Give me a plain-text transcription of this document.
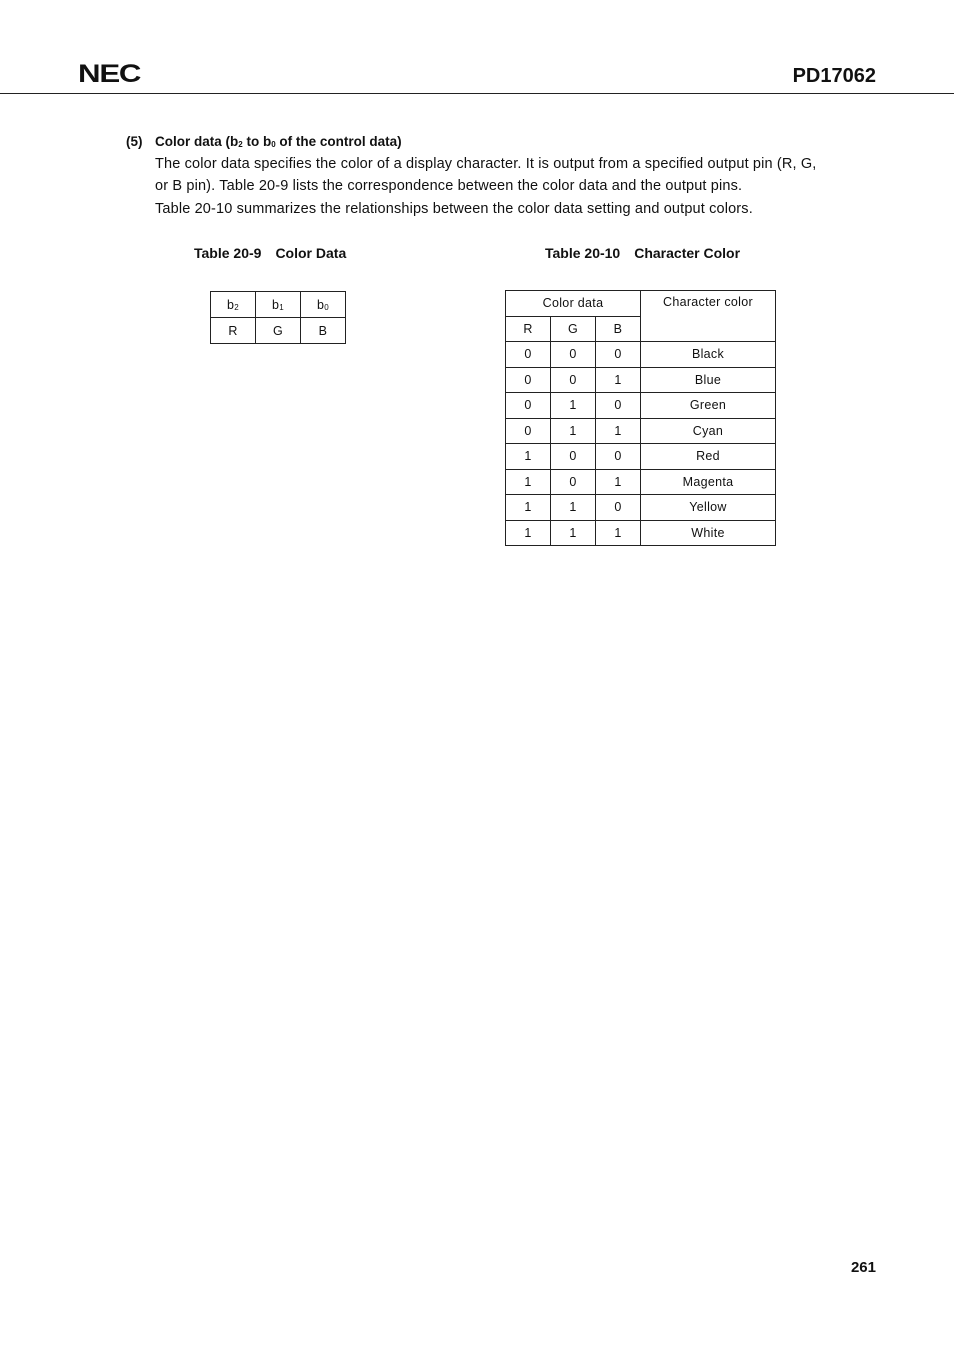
NEC	PD17062
(5) Color data ($b_2$ to $b_0$ of the control data)
The color data specifies the color of a display character. It is output from a specified output pin (R, G,
or B pin). Table 20-9 lists the correspondence between the color data and the output pins.
Table 20-10 summarizes the relationships between the color data setting and output colors.
Table 20-9 Color Data	Table 20-10 Character Color
$b_2$	$b_1$	$b_0$
R	G	B
Color data			Character color
R	G	B	
0	0	0	Black
0	0	1	Blue
0	1	0	Green
0	1	1	Cyan
1	0	0	Red
1	0	1	Magenta
1	1	0	Yellow
1	1	1	White
261
